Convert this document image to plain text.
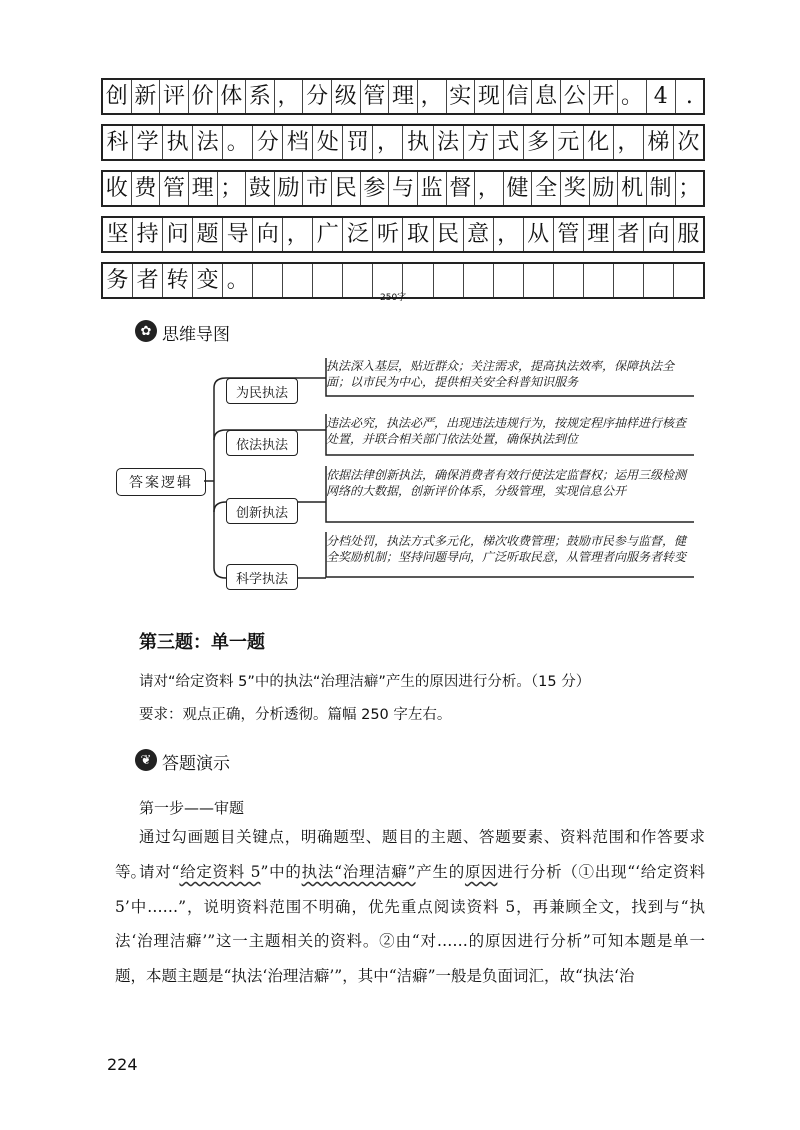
创 新 评 价 体 系 ， 分 级 管 理 ， 实 现 信 息 公 开 。 4 .
科 学 执 法 。 分 档 处 罚 ， 执 法 方 式 多 元 化 ， 梯 次
收 费 管 理 ； 鼓 励 市 民 参 与 监 督 ， 健 全 奖 励 机 制 ；
坚 持 问 题 导 向 ， 广 泛 听 取 民 意 ， 从 管 理 者 向 服
务 者 转 变 。
250字
✿ 思维导图
答案逻辑
为民执法
依法执法
创新执法
科学执法
执法深入基层，贴近群众；关注需求，提高执法效率，保障执法全面；以市民为中心，提供相关安全科普知识服务
违法必究，执法必严，出现违法违规行为，按规定程序抽样进行核查处置，并联合相关部门依法处置，确保执法到位
依据法律创新执法，确保消费者有效行使法定监督权；运用三级检测网络的大数据，创新评价体系，分级管理，实现信息公开
分档处罚，执法方式多元化，梯次收费管理；鼓励市民参与监督，健全奖励机制；坚持问题导向，广泛听取民意，从管理者向服务者转变
第三题：单一题
请对“给定资料 5”中的执法“治理洁癖”产生的原因进行分析。（15 分）
要求：观点正确，分析透彻。篇幅 250 字左右。
❦ 答题演示
第一步——审题
通过勾画题目关键点，明确题型、题目的主题、答题要素、资料范围和作答要求等。
请对“给定资料 5”中的执法“治理洁癖”产生的原因进行分析（①出现“‘给定资料 5’中……”，说明资料范围不明确，优先重点阅读资料 5，再兼顾全文，找到与“执法‘治理洁癖’”这一主题相关的资料。②由“对……的原因进行分析”可知本题是单一题，本题主题是“执法‘治理洁癖’”，其中“洁癖”一般是负面词汇，故“执法‘治
224
